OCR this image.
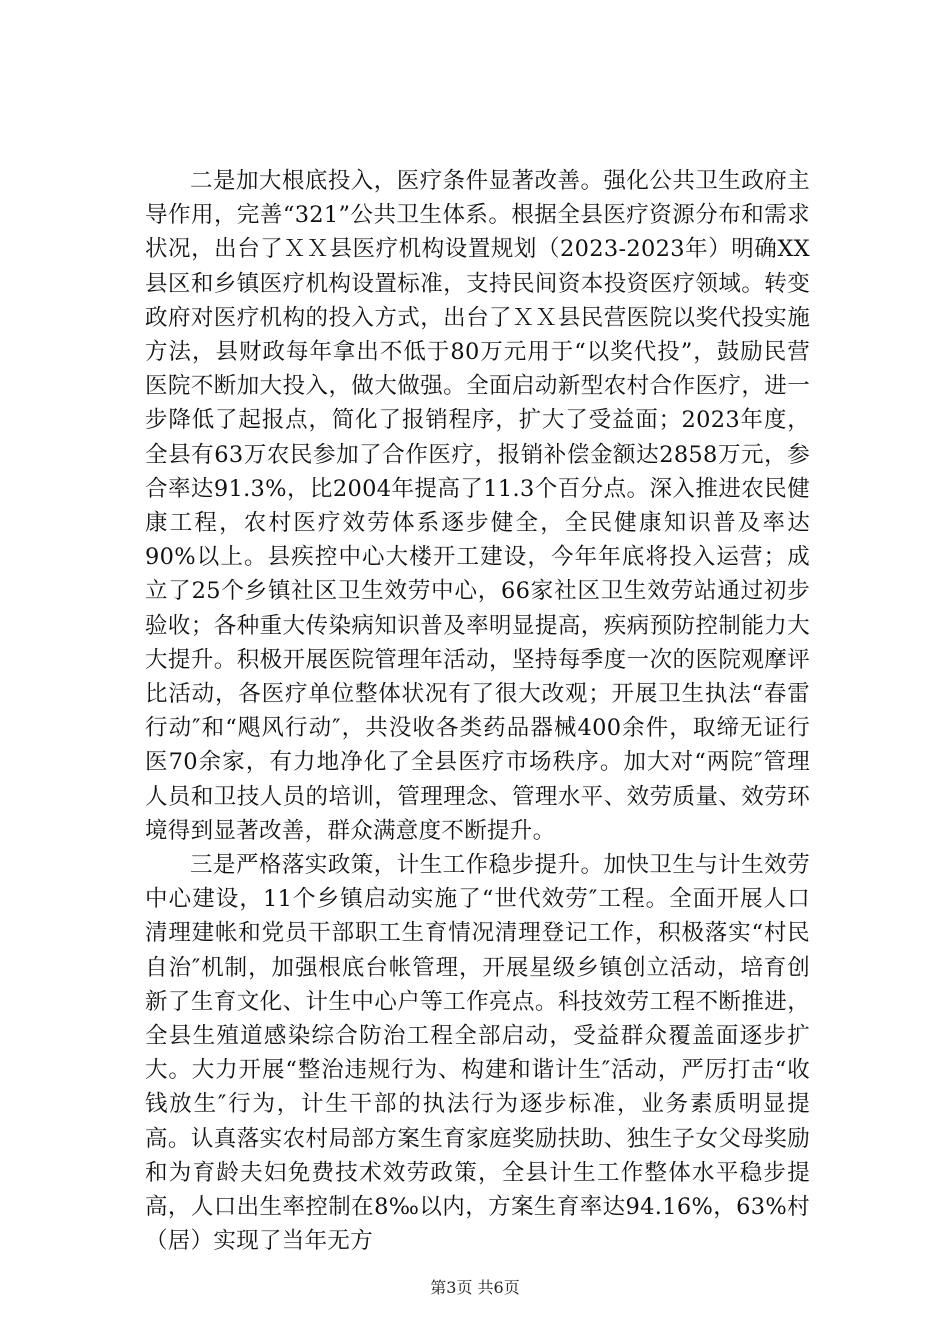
二是加大根底投入，医疗条件显著改善。强化公共卫生政府主导作用，完善“321”公共卫生体系。根据全县医疗资源分布和需求状况，出台了ＸＸ县医疗机构设置规划（2023-2023年）明确XX县区和乡镇医疗机构设置标准，支持民间资本投资医疗领域。转变政府对医疗机构的投入方式，出台了ＸＸ县民营医院以奖代投实施方法，县财政每年拿出不低于80万元用于“以奖代投”，鼓励民营医院不断加大投入，做大做强。全面启动新型农村合作医疗，进一步降低了起报点，简化了报销程序，扩大了受益面；2023年度，全县有63万农民参加了合作医疗，报销补偿金额达2858万元，参合率达91.3%，比2004年提高了11.3个百分点。深入推进农民健康工程，农村医疗效劳体系逐步健全，全民健康知识普及率达90%以上。县疾控中心大楼开工建设，今年年底将投入运营；成立了25个乡镇社区卫生效劳中心，66家社区卫生效劳站通过初步验收；各种重大传染病知识普及率明显提高，疾病预防控制能力大大提升。积极开展医院管理年活动，坚持每季度一次的医院观摩评比活动，各医疗单位整体状况有了很大改观；开展卫生执法“春雷行动″和“飓风行动″，共没收各类药品器械400余件，取缔无证行医70余家，有力地净化了全县医疗市场秩序。加大对“两院″管理人员和卫技人员的培训，管理理念、管理水平、效劳质量、效劳环境得到显著改善，群众满意度不断提升。

三是严格落实政策，计生工作稳步提升。加快卫生与计生效劳中心建设，11个乡镇启动实施了“世代效劳″工程。全面开展人口清理建帐和党员干部职工生育情况清理登记工作，积极落实“村民自治″机制，加强根底台帐管理，开展星级乡镇创立活动，培育创新了生育文化、计生中心户等工作亮点。科技效劳工程不断推进，全县生殖道感染综合防治工程全部启动，受益群众覆盖面逐步扩大。大力开展“整治违规行为、构建和谐计生″活动，严厉打击“收钱放生″行为，计生干部的执法行为逐步标准，业务素质明显提高。认真落实农村局部方案生育家庭奖励扶助、独生子女父母奖励和为育龄夫妇免费技术效劳政策，全县计生工作整体水平稳步提高，人口出生率控制在8‰以内，方案生育率达94.16%，63%村（居）实现了当年无方

第3页 共6页
